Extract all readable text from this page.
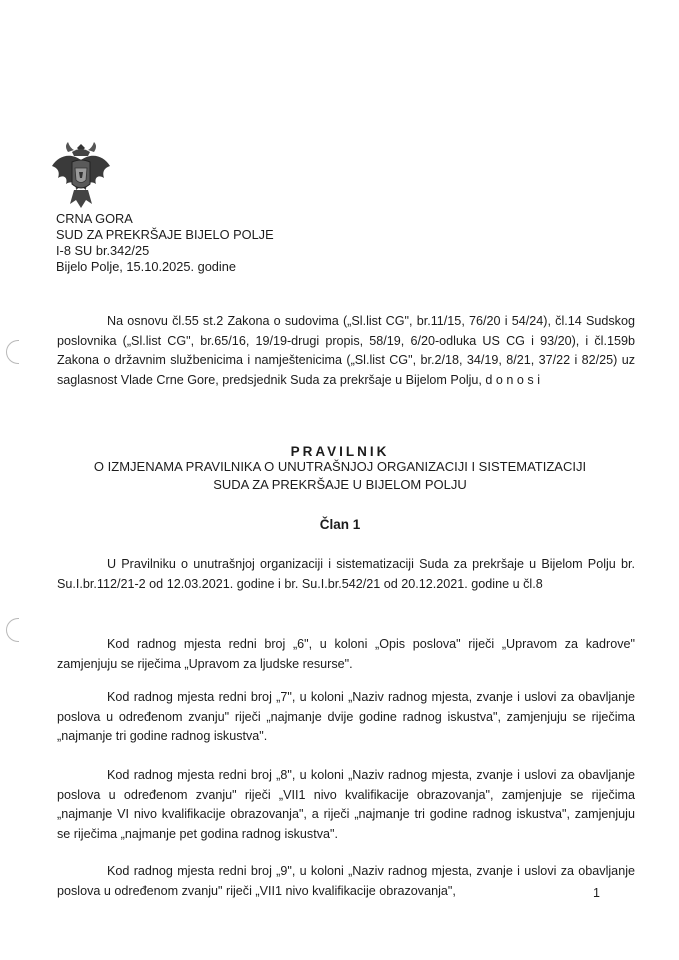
CRNA GORA
SUD ZA PREKRŠAJE BIJELO POLJE
I-8 SU br.342/25
Bijelo Polje, 15.10.2025. godine

Na osnovu čl.55 st.2 Zakona o sudovima („Sl.list CG", br.11/15, 76/20 i 54/24), čl.14 Sudskog poslovnika („Sl.list CG", br.65/16, 19/19-drugi propis, 58/19, 6/20-odluka US CG i 93/20), i čl.159b Zakona o državnim službenicima i namještenicima („Sl.list CG", br.2/18, 34/19, 8/21, 37/22 i 82/25) uz saglasnost Vlade Crne Gore, predsjednik Suda za prekršaje u Bijelom Polju, d o n o s i

PRAVILNIK
O IZMJENAMA PRAVILNIKA O UNUTRAŠNJOJ ORGANIZACIJI I SISTEMATIZACIJI
SUDA ZA PREKRŠAJE U BIJELOM POLJU
Član 1

U Pravilniku o unutrašnjoj organizaciji i sistematizaciji Suda za prekršaje u Bijelom Polju br. Su.I.br.112/21-2 od 12.03.2021. godine i br. Su.I.br.542/21 od 20.12.2021. godine u čl.8

Kod radnog mjesta redni broj „6", u koloni „Opis poslova" riječi „Upravom za kadrove" zamjenjuju se riječima „Upravom za ljudske resurse".

Kod radnog mjesta redni broj „7", u koloni „Naziv radnog mjesta, zvanje i uslovi za obavljanje poslova u određenom zvanju" riječi „najmanje dvije godine radnog iskustva", zamjenjuju se riječima „najmanje tri godine radnog iskustva".

Kod radnog mjesta redni broj „8", u koloni „Naziv radnog mjesta, zvanje i uslovi za obavljanje poslova u određenom zvanju" riječi „VII1 nivo kvalifikacije obrazovanja", zamjenjuje se riječima „najmanje VI nivo kvalifikacije obrazovanja", a riječi „najmanje tri godine radnog iskustva", zamjenjuju se riječima „najmanje pet godina radnog iskustva".

Kod radnog mjesta redni broj „9", u koloni „Naziv radnog mjesta, zvanje i uslovi za obavljanje poslova u određenom zvanju" riječi „VII1 nivo kvalifikacije obrazovanja",	1
